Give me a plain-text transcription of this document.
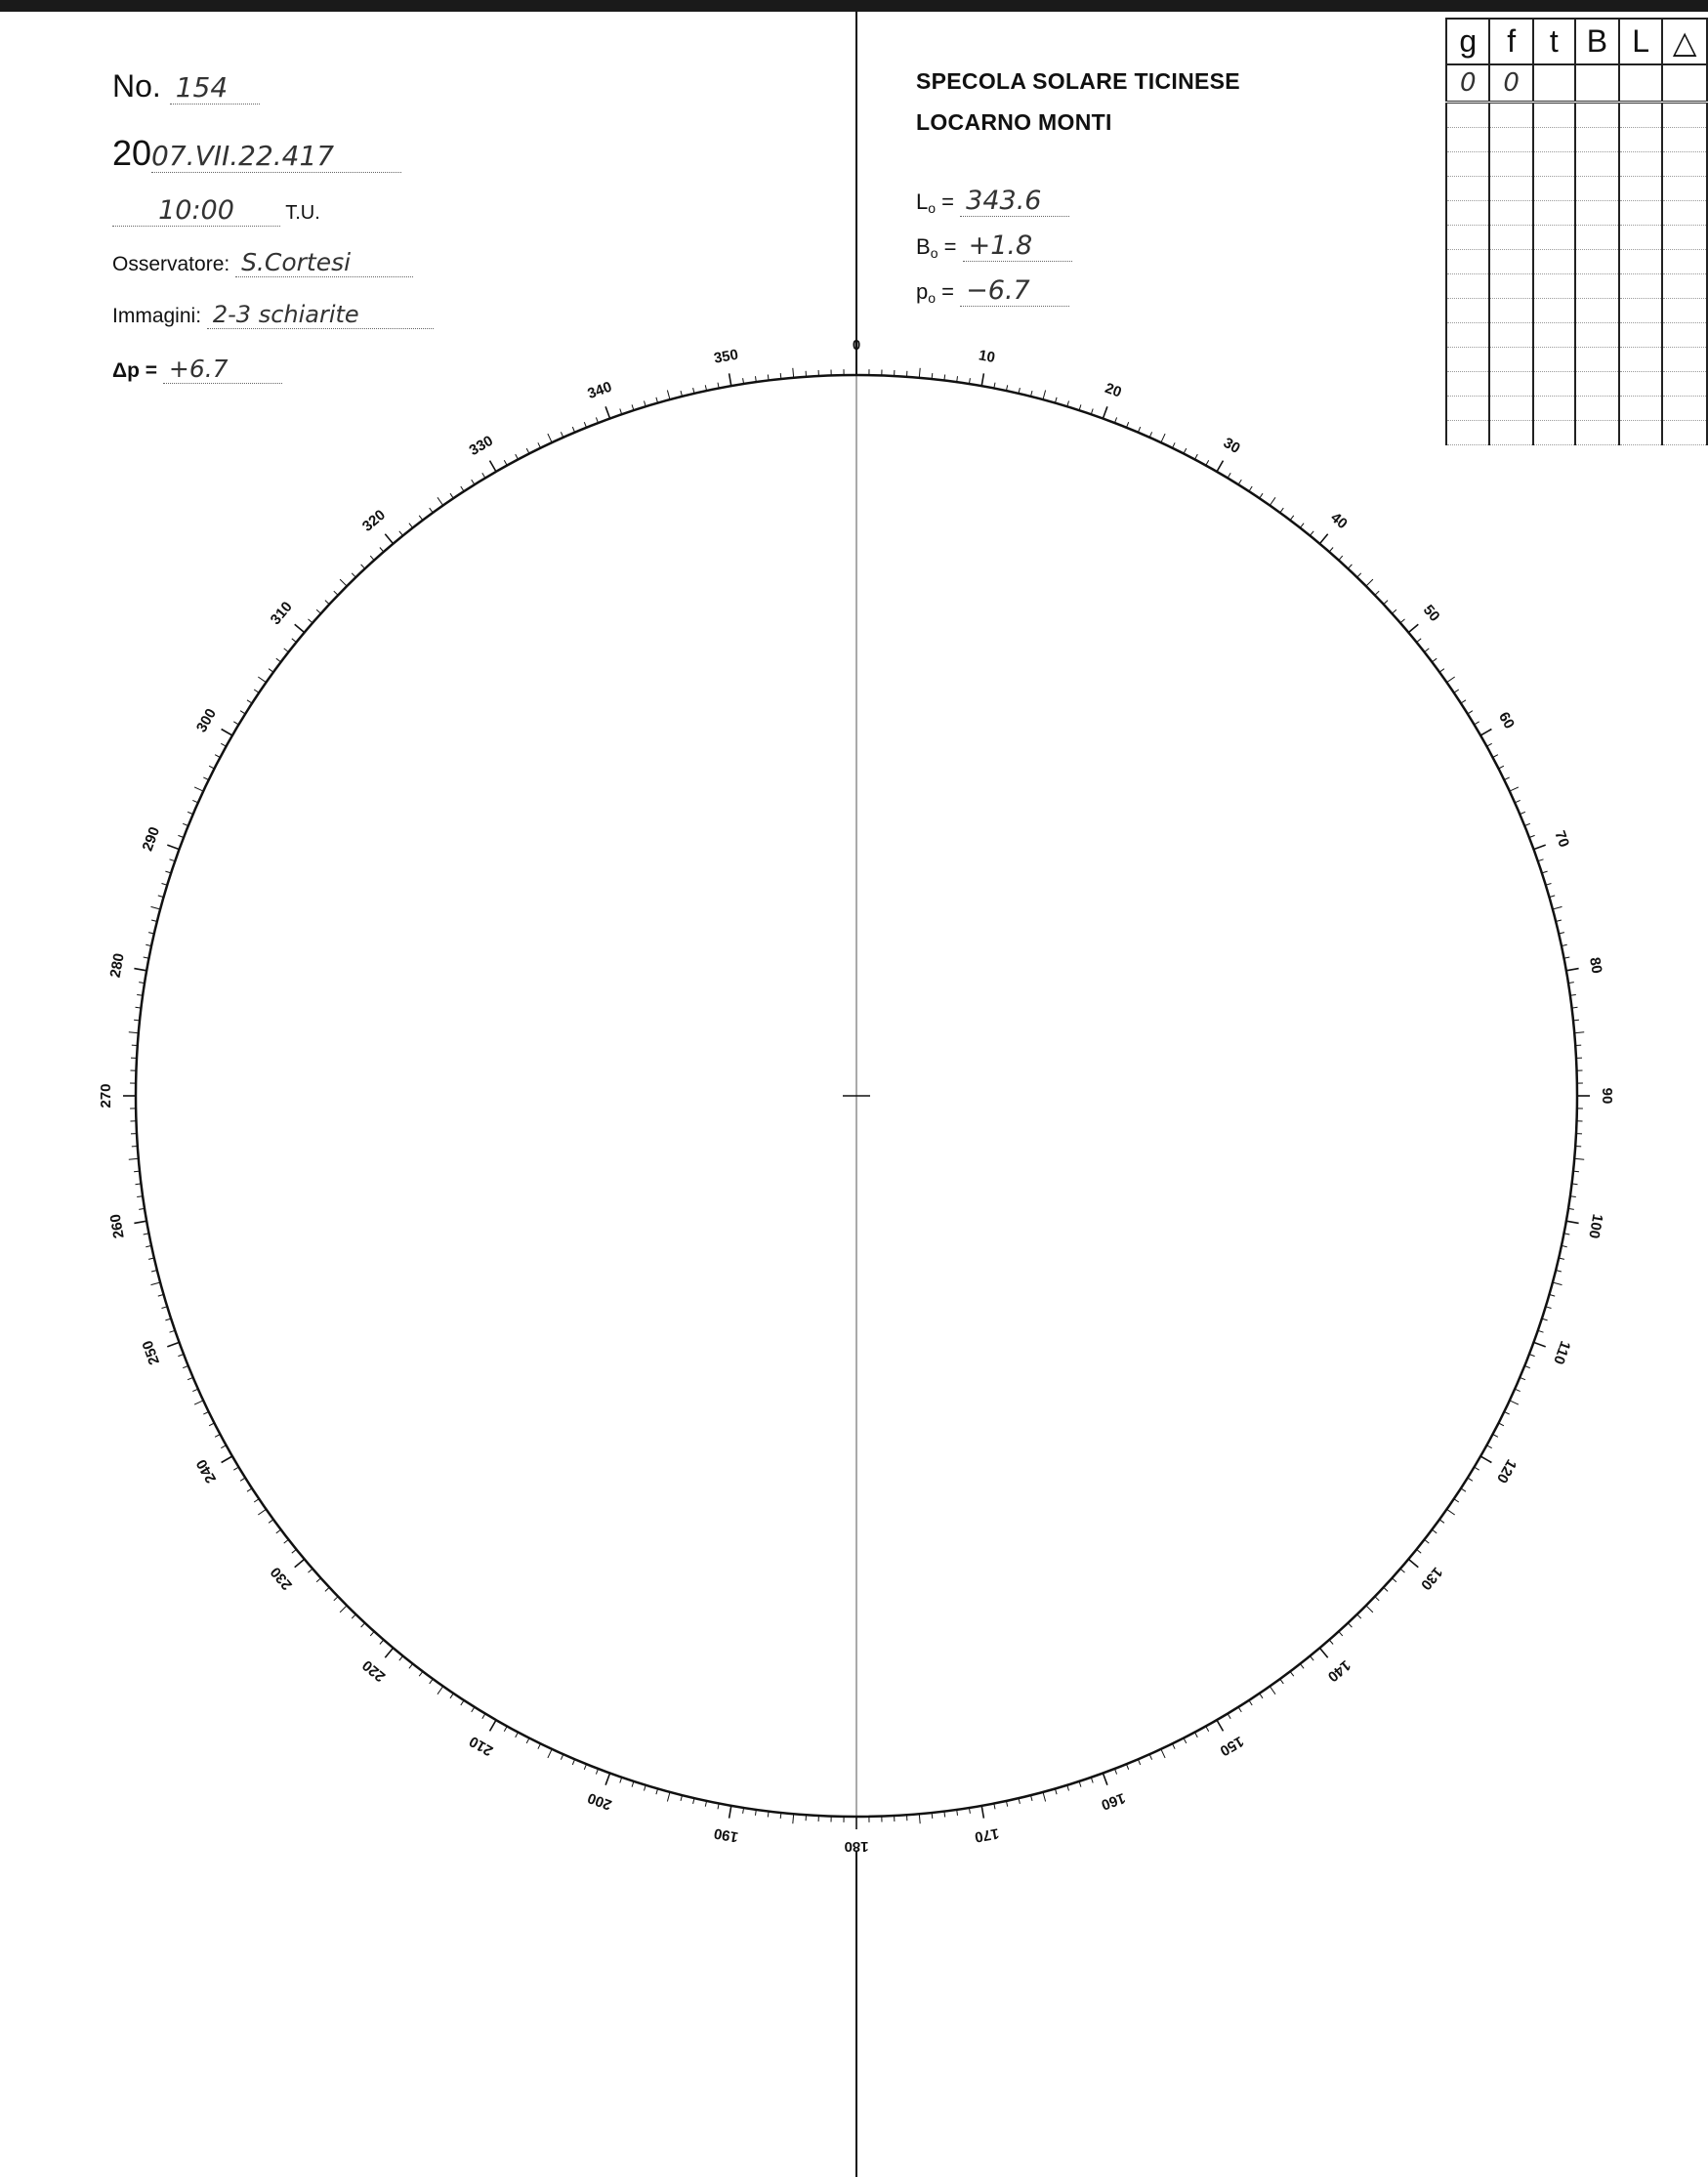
No. 154
2007.VII.22.417
10:00	T.U.
Osservatore: S.Cortesi
Immagini: 2-3 schiarite
Δp = +6.7
SPECOLA SOLARE TICINESE
LOCARNO MONTI
$L_o = 343.6$
$B_o = +1.8$
$p_o = -6.7$
g	f	t	B	L	△
0	0				

0
10
20
30
40
50
60
70
80
90
100
110
120
130
140
150
160
170
180
190
200
210
220
230
240
250
260
270
280
290
300
310
320
330
340
350
